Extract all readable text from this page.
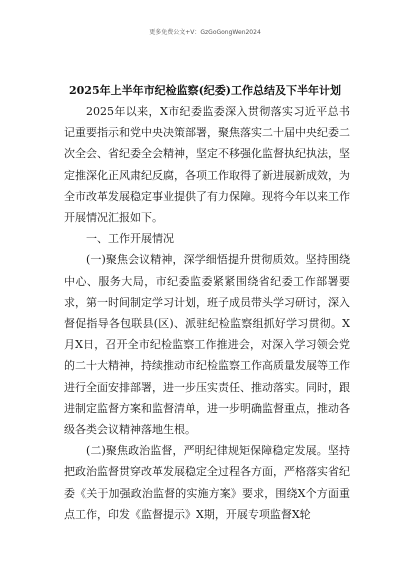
更多免费公文+V：GzGoGongWen2024
2025年上半年市纪检监察(纪委)工作总结及下半年计划

2025年以来，X市纪委监委深入贯彻落实习近平总书记重要指示和党中央决策部署，聚焦落实二十届中央纪委二次全会、省纪委全会精神，坚定不移强化监督执纪执法，坚定推深化正风肃纪反腐，各项工作取得了新进展新成效，为全市改革发展稳定事业提供了有力保障。现将今年以来工作开展情况汇报如下。

一、工作开展情况

(一)聚焦会议精神，深学细悟提升贯彻质效。坚持围绕中心、服务大局，市纪委监委紧紧围绕省纪委工作部署要求，第一时间制定学习计划，班子成员带头学习研讨，深入督促指导各包联县(区)、派驻纪检监察组抓好学习贯彻。X月X日，召开全市纪检监察工作推进会，对深入学习领会党的二十大精神，持续推动市纪检监察工作高质量发展等工作进行全面安排部署，进一步压实责任、推动落实。同时，跟进制定监督方案和监督清单，进一步明确监督重点，推动各级各类会议精神落地生根。

(二)聚焦政治监督，严明纪律规矩保障稳定发展。坚持把政治监督贯穿改革发展稳定全过程各方面，严格落实省纪委《关于加强政治监督的实施方案》要求，围绕X个方面重点工作，印发《监督提示》X期，开展专项监督X轮
